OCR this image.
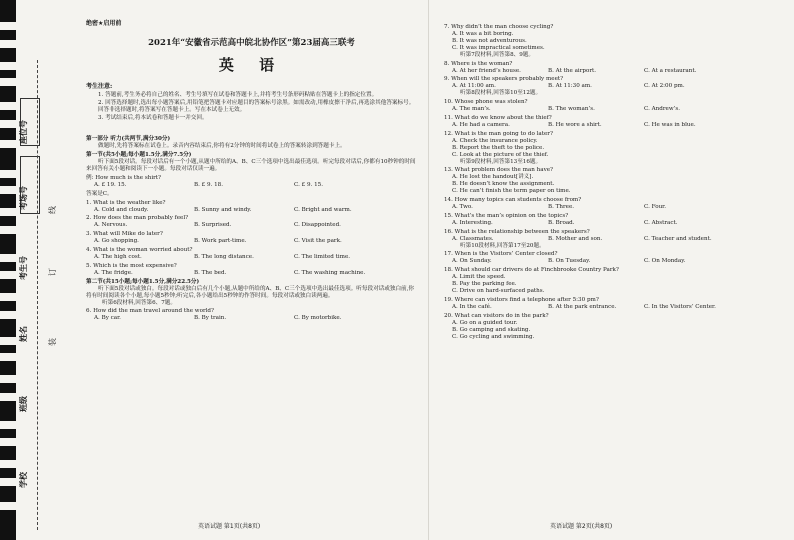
座位号
考场号
考生号
姓名
班级
学校
线
订
装
绝密★启用前
2021年“安徽省示范高中皖北协作区”第23届高三联考
英 语
考生注意:
1. 答题前,考生务必将自己的姓名、考生号填写在试卷和答题卡上,并将考生号条形码粘贴在答题卡上的指定位置。
2. 回答选择题时,选出每小题答案后,用铅笔把答题卡对应题目的答案标号涂黑。如需改动,用橡皮擦干净后,再选涂其他答案标号。回答非选择题时,将答案写在答题卡上。写在本试卷上无效。
3. 考试结束后,将本试卷和答题卡一并交回。
第一部分 听力(共两节,满分30分)
做题时,先将答案标在试卷上。录音内容结束后,你将有2分钟的时间将试卷上的答案转涂到答题卡上。
第一节(共5小题;每小题1.5分,满分7.5分)
听下面5段对话。每段对话后有一个小题,从题中所给的A、B、C三个选项中选出最佳选项。听完每段对话后,你都有10秒钟的时间来回答有关小题和阅读下一小题。每段对话仅读一遍。
例: How much is the shirt?
A. £ 19. 15.	B. £ 9. 18.	C. £ 9. 15.
答案是C。
1. What is the weather like?
A. Cold and cloudy.	B. Sunny and windy.	C. Bright and warm.
2. How does the man probably feel?
A. Nervous.	B. Surprised.	C. Disappointed.
3. What will Mike do later?
A. Go shopping.	B. Work part-time.	C. Visit the park.
4. What is the woman worried about?
A. The high cost.	B. The long distance.	C. The limited time.
5. Which is the most expensive?
A. The fridge.	B. The bed.	C. The washing machine.
第二节(共15小题;每小题1.5分,满分22.5分)
听下面5段对话或独白。每段对话或独白后有几个小题,从题中所给的A、B、C三个选项中选出最佳选项。听每段对话或独白前,你将有时间阅读各个小题,每小题5秒钟;听完后,各小题给出5秒钟的作答时间。每段对话或独白读两遍。
听第6段材料,回答第6、7题。
6. How did the man travel around the world?
A. By car.	B. By train.	C. By motorbike.
英语试题 第1页(共8页)
7. Why didn’t the man choose cycling?
A. It was a bit boring.
B. It was not adventurous.
C. It was impractical sometimes.
听第7段材料,回答第8、9题。
8. Where is the woman?
A. At her friend’s house.	B. At the airport.	C. At a restaurant.
9. When will the speakers probably meet?
A. At 11:00 am.	B. At 11:30 am.	C. At 2:00 pm.
听第8段材料,回答第10至12题。
10. Whose phone was stolen?
A. The man’s.	B. The woman’s.	C. Andrew’s.
11. What do we know about the thief?
A. He had a camera.	B. He wore a shirt.	C. He was in blue.
12. What is the man going to do later?
A. Check the insurance policy.
B. Report the theft to the police.
C. Look at the picture of the thief.
听第9段材料,回答第13至16题。
13. What problem does the man have?
A. He lost the handout[讲义].
B. He doesn’t know the assignment.
C. He can’t finish the term paper on time.
14. How many topics can students choose from?
A. Two.	B. Three.	C. Four.
15. What’s the man’s opinion on the topics?
A. Interesting.	B. Broad.	C. Abstract.
16. What is the relationship between the speakers?
A. Classmates.	B. Mother and son.	C. Teacher and student.
听第10段材料,回答第17至20题。
17. When is the Visitors’ Center closed?
A. On Sunday.	B. On Tuesday.	C. On Monday.
18. What should car drivers do at Finchbrooke Country Park?
A. Limit the speed.
B. Pay the parking fee.
C. Drive on hard-surfaced paths.
19. Where can visitors find a telephone after 5:30 pm?
A. In the café.	B. At the park entrance.	C. In the Visitors’ Center.
20. What can visitors do in the park?
A. Go on a guided tour.
B. Go camping and skating.
C. Go cycling and swimming.
英语试题 第2页(共8页)
